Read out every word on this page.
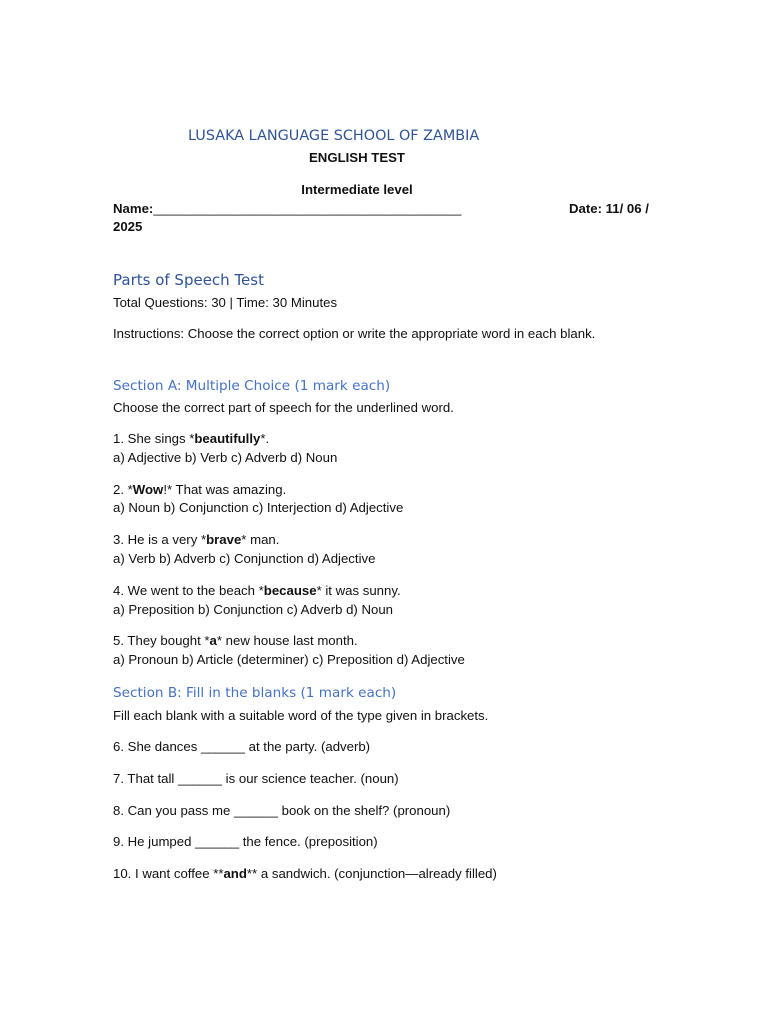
LUSAKA LANGUAGE SCHOOL OF ZAMBIA
ENGLISH TEST
Intermediate level
Name:__________________________________________	Date: 11/ 06 /
2025
Parts of Speech Test
Total Questions: 30 | Time: 30 Minutes
Instructions: Choose the correct option or write the appropriate word in each blank.
Section A: Multiple Choice (1 mark each)
Choose the correct part of speech for the underlined word.
1. She sings *beautifully*.
a) Adjective b) Verb c) Adverb d) Noun
2. *Wow!* That was amazing.
a) Noun b) Conjunction c) Interjection d) Adjective
3. He is a very *brave* man.
a) Verb b) Adverb c) Conjunction d) Adjective
4. We went to the beach *because* it was sunny.
a) Preposition b) Conjunction c) Adverb d) Noun
5. They bought *a* new house last month.
a) Pronoun b) Article (determiner) c) Preposition d) Adjective
Section B: Fill in the blanks (1 mark each)
Fill each blank with a suitable word of the type given in brackets.
6. She dances ______ at the party. (adverb)
7. That tall ______ is our science teacher. (noun)
8. Can you pass me ______ book on the shelf? (pronoun)
9. He jumped ______ the fence. (preposition)
10. I want coffee **and** a sandwich. (conjunction—already filled)
